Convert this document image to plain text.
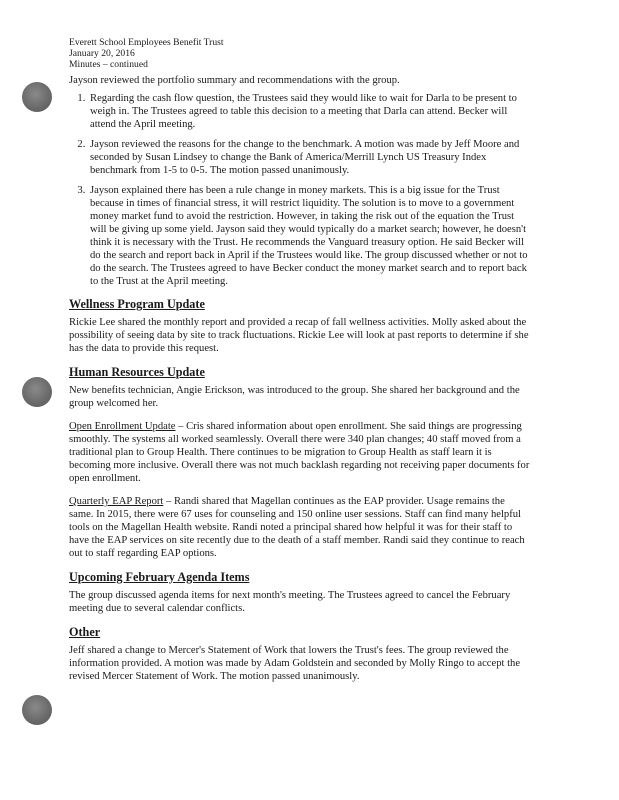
Everett School Employees Benefit Trust
January 20, 2016
Minutes – continued

Jayson reviewed the portfolio summary and recommendations with the group.

1. Regarding the cash flow question, the Trustees said they would like to wait for Darla to be present to weigh in. The Trustees agreed to table this decision to a meeting that Darla can attend. Becker will attend the April meeting.
2. Jayson reviewed the reasons for the change to the benchmark. A motion was made by Jeff Moore and seconded by Susan Lindsey to change the Bank of America/Merrill Lynch US Treasury Index benchmark from 1-5 to 0-5. The motion passed unanimously.
3. Jayson explained there has been a rule change in money markets. This is a big issue for the Trust because in times of financial stress, it will restrict liquidity. The solution is to move to a government money market fund to avoid the restriction. However, in taking the risk out of the equation the Trust will be giving up some yield. Jayson said they would typically do a market search; however, he doesn't think it is necessary with the Trust. He recommends the Vanguard treasury option. He said Becker will do the search and report back in April if the Trustees would like. The group discussed whether or not to do the search. The Trustees agreed to have Becker conduct the money market search and to report back to the Trust at the April meeting.
Wellness Program Update

Rickie Lee shared the monthly report and provided a recap of fall wellness activities. Molly asked about the possibility of seeing data by site to track fluctuations. Rickie Lee will look at past reports to determine if she has the data to provide this request.

Human Resources Update

New benefits technician, Angie Erickson, was introduced to the group. She shared her background and the group welcomed her.

Open Enrollment Update – Cris shared information about open enrollment. She said things are progressing smoothly. The systems all worked seamlessly. Overall there were 340 plan changes; 40 staff moved from a traditional plan to Group Health. There continues to be migration to Group Health as staff learn it is becoming more inclusive. Overall there was not much backlash regarding not receiving paper documents for open enrollment.

Quarterly EAP Report – Randi shared that Magellan continues as the EAP provider. Usage remains the same. In 2015, there were 67 uses for counseling and 150 online user sessions. Staff can find many helpful tools on the Magellan Health website. Randi noted a principal shared how helpful it was for their staff to have the EAP services on site recently due to the death of a staff member. Randi said they continue to reach out to staff regarding EAP options.

Upcoming February Agenda Items

The group discussed agenda items for next month's meeting. The Trustees agreed to cancel the February meeting due to several calendar conflicts.

Other

Jeff shared a change to Mercer's Statement of Work that lowers the Trust's fees. The group reviewed the information provided. A motion was made by Adam Goldstein and seconded by Molly Ringo to accept the revised Mercer Statement of Work. The motion passed unanimously.
